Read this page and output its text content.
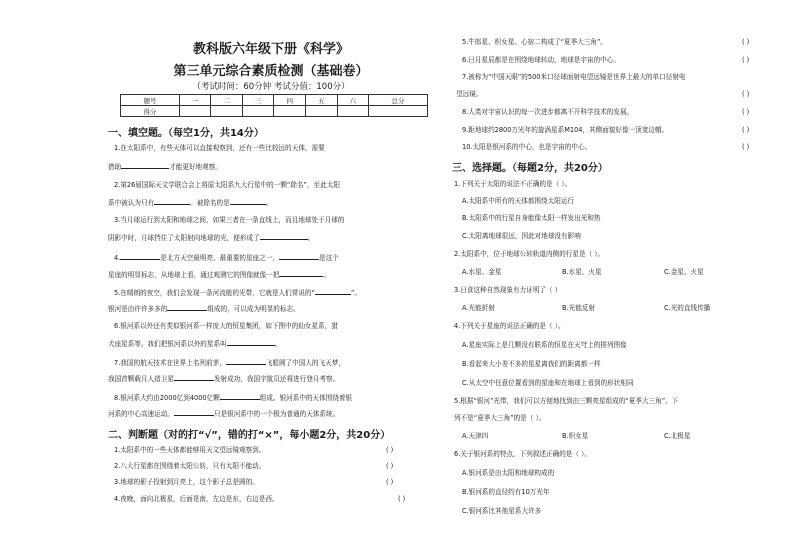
教科版六年级下册《科学》
第三单元综合素质检测（基础卷）
（考试时间：60分钟 考试分值：100分）
题号	一	二	三	四	五	六	总分
得分							
一、填空题。（每空1分，共14分）
1.在太阳系中，有些天体可以直接观察到，还有一些比较远的天体，需要
借助	才能更好地观察。
2.第26届国际天文学联合会上将原太阳系九大行星中的一颗“除名”，至此太阳
系中被认为只有	。被除名的是	。
3.当月球运行到太阳和地球之间，如果三者在一条直线上，而且地球处于月球的
阴影中时，月球挡住了太阳射向地球的光，便形成了	。
4.	是北方天空最明亮、最重要的星座之一，	是这个
星座的明显标志，从地球上看，通过观测它的图像就像一把	。
5.在晴朗的夜空，我们会发现一条河流般的光带，它就是人们常说的“	”。
银河是由许许多多的	组成的，可以成为明显的标志。
6.银河系以外还有类似银河系一样庞大的恒星集团，如下图中的仙女星系，猎
犬座星系等。我们把银河系以外的星系叫	。
7.我国的航天技术在世界上名列前茅，	飞船圆了中国人的飞天梦，
我国首颗载月人造卫星	发射成功，我国宇航员还将进行登月考察。
8.银河系大约由2000亿到4000亿颗	组成。银河系中的天体围绕着银
河系的中心高速运动。	只是银河系中的一个极为普通的天体系统。
二、判断题（对的打“√”，错的打“×”，每小题2分，共20分）
1.太阳系中的一些天体都能够用天文望远镜观察到。	( )
2.八大行星都在围绕着太阳公转，只有太阳不能动。	( )
3.地球的影子投射到月亮上，这个影子总是圆的。	( )
4.夜晚，面向北极星，后面是南，左边是东，右边是西。	( )
5.牛郎星、织女星、心宿二构成了“夏季大三角”。	( )
6.日月星辰都是在围绕地球转动，地球是宇宙的中心。	( )
7.被称为“中国天眼”的500米口径球面射电望远镜是世界上最大的单口径射电
望远镜。	( )
8.人类对宇宙认识的每一次进步都离不开科学技术的发展。	( )
9.距地球约2800万光年的旋涡星系M104，其侧面貌好像一顶宽边帽。	( )
10.太阳是银河系的中心，也是宇宙的中心。	( )
三、选择题。（每题2分，共20分）
1.下列关于太阳的说法不正确的是（ ）。
A.太阳系中所有的天体都围绕太阳运行
B.太阳系中的行星自身能像太阳一样发出光和热
C.太阳离地球很远，因此对地球没有影响
2.太阳系中，位于地球公转轨道内侧的行星是（ ）。
A.水星、金星	B.水星、火星	C.金星、火星
3.日食这种自然现象有力证明了（ ）
A.光能折射	B.光能反射	C.光的直线传播
4.下列关于星座的说法正确的是（ ）。
A.星座实际上是几颗没有联系的恒星在天穹上的排列图像
B.看起来大小差不多的星星离我们的距离都一样
C.从太空中任意位置看到的星座和在地球上看到的形状相同
5.根据“银河”光带，我们可以方便地找到由三颗亮星组成的“夏季大三角”。下
列不是“夏季大三角”的是（ ）。
A.天津四	B.织女星	C.北极星
6.关于银河系的特点，下列叙述正确的是（ ）。
A.银河系是由太阳和地球构成的
B.银河系的直径约有10万光年
C.银河系比其他星系大许多
